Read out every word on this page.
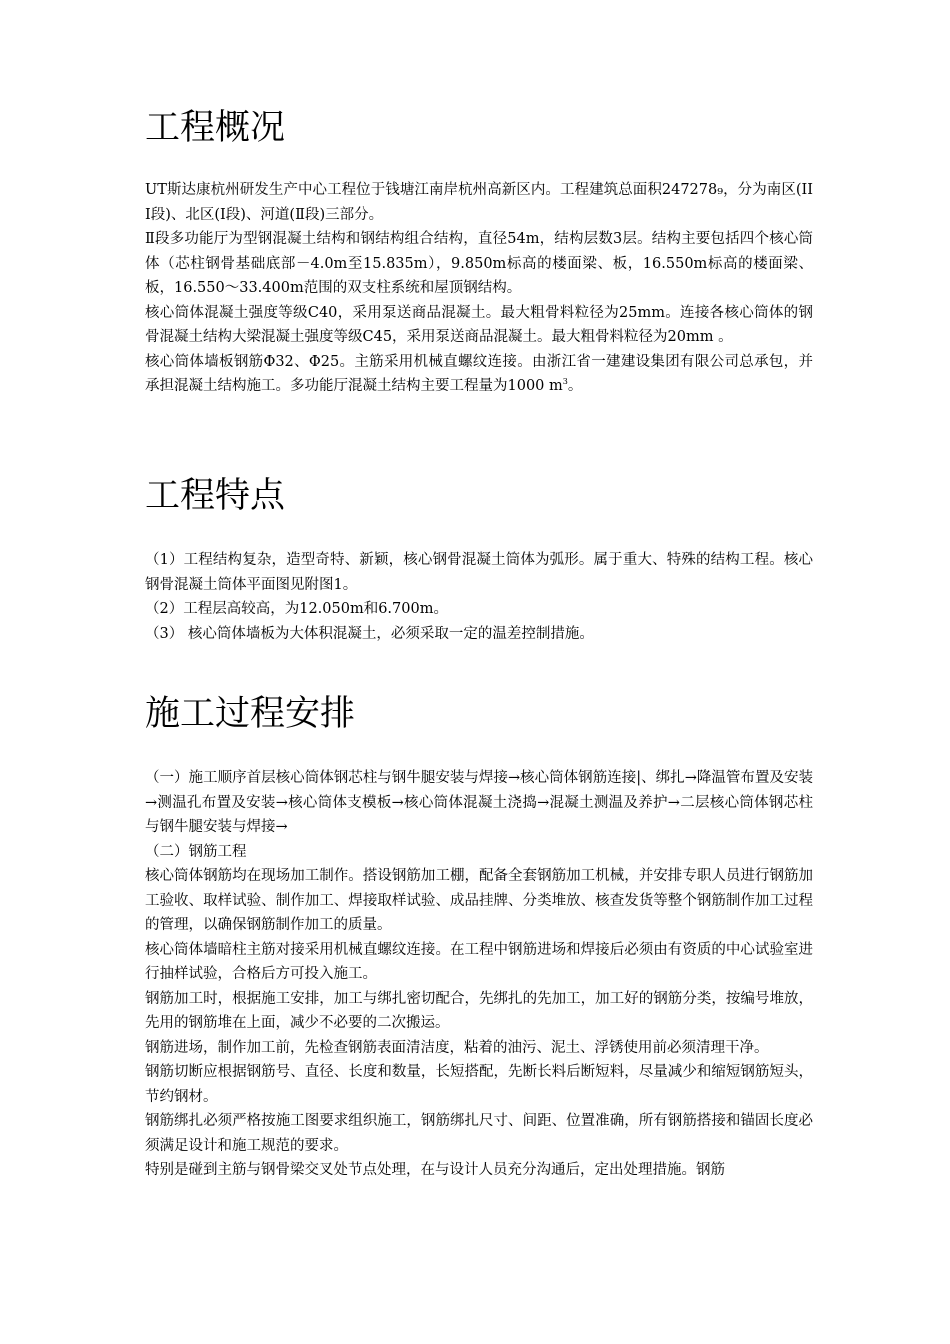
工程概况

UT斯达康杭州研发生产中心工程位于钱塘江南岸杭州高新区内。工程建筑总面积247278₉，分为南区(III段)、北区(Ⅰ段)、河道(Ⅱ段)三部分。

Ⅱ段多功能厅为型钢混凝土结构和钢结构组合结构，直径54m，结构层数3层。结构主要包括四个核心筒体（芯柱钢骨基础底部－4.0m至15.835m），9.850m标高的楼面梁、板，16.550m标高的楼面梁、板，16.550～33.400m范围的双支柱系统和屋顶钢结构。

核心筒体混凝土强度等级C40，采用泵送商品混凝土。最大粗骨料粒径为25mm。连接各核心筒体的钢骨混凝土结构大梁混凝土强度等级C45，采用泵送商品混凝土。最大粗骨料粒径为20mm 。

核心筒体墙板钢筋Φ32、Φ25。主筋采用机械直螺纹连接。由浙江省一建建设集团有限公司总承包，并承担混凝土结构施工。多功能厅混凝土结构主要工程量为1000 $m^3$。

工程特点

（1）工程结构复杂，造型奇特、新颖，核心钢骨混凝土筒体为弧形。属于重大、特殊的结构工程。核心钢骨混凝土筒体平面图见附图1。

（2）工程层高较高，为12.050m和6.700m。

（3） 核心筒体墙板为大体积混凝土，必须采取一定的温差控制措施。

施工过程安排

（一）施工顺序首层核心筒体钢芯柱与钢牛腿安装与焊接→核心筒体钢筋连接|、绑扎→降温管布置及安装→测温孔布置及安装→核心筒体支模板→核心筒体混凝土浇捣→混凝土测温及养护→二层核心筒体钢芯柱与钢牛腿安装与焊接→

（二）钢筋工程

核心筒体钢筋均在现场加工制作。搭设钢筋加工棚，配备全套钢筋加工机械，并安排专职人员进行钢筋加工验收、取样试验、制作加工、焊接取样试验、成品挂牌、分类堆放、核查发货等整个钢筋制作加工过程的管理，以确保钢筋制作加工的质量。

核心筒体墙暗柱主筋对接采用机械直螺纹连接。在工程中钢筋进场和焊接后必须由有资质的中心试验室进行抽样试验，合格后方可投入施工。

钢筋加工时，根据施工安排，加工与绑扎密切配合，先绑扎的先加工，加工好的钢筋分类，按编号堆放，先用的钢筋堆在上面，减少不必要的二次搬运。

钢筋进场，制作加工前，先检查钢筋表面清洁度，粘着的油污、泥土、浮锈使用前必须清理干净。

钢筋切断应根据钢筋号、直径、长度和数量，长短搭配，先断长料后断短料，尽量减少和缩短钢筋短头，节约钢材。

钢筋绑扎必须严格按施工图要求组织施工，钢筋绑扎尺寸、间距、位置准确，所有钢筋搭接和锚固长度必须满足设计和施工规范的要求。

特别是碰到主筋与钢骨梁交叉处节点处理，在与设计人员充分沟通后，定出处理措施。钢筋
